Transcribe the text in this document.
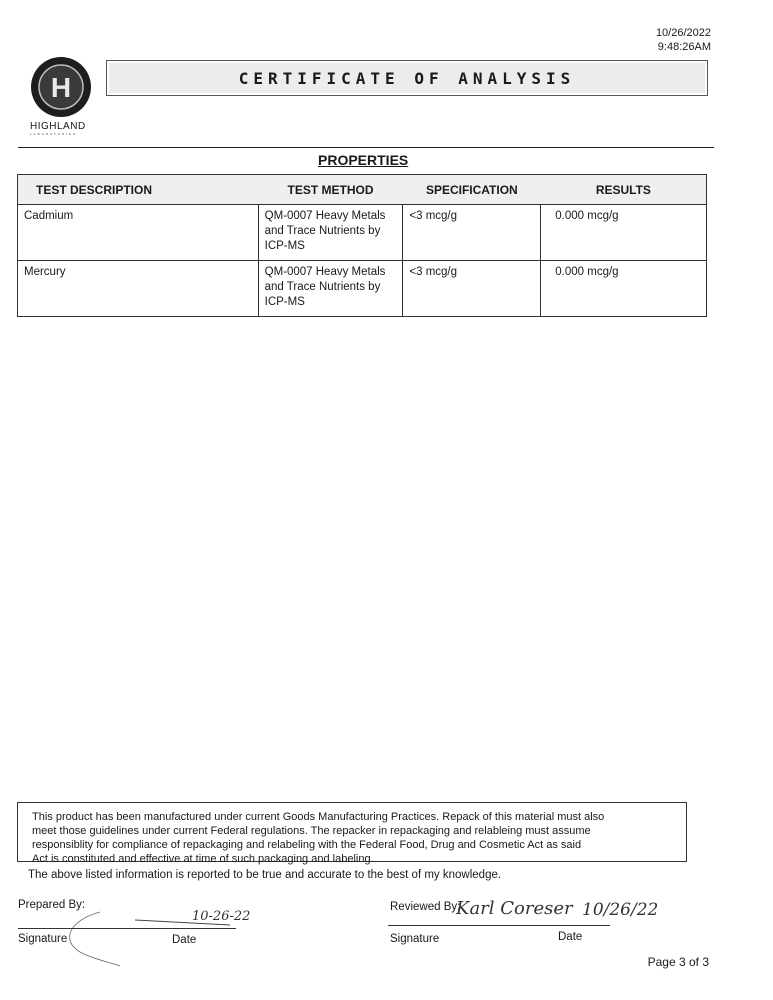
10/26/2022
9:48:26AM
H
HIGHLAND
LABORATORIES
CERTIFICATE OF ANALYSIS
PROPERTIES
TEST DESCRIPTION	TEST METHOD	SPECIFICATION	RESULTS
Cadmium	QM-0007 Heavy Metals and Trace Nutrients by ICP-MS	<3 mcg/g	0.000 mcg/g
Mercury	QM-0007 Heavy Metals and Trace Nutrients by ICP-MS	<3 mcg/g	0.000 mcg/g
This product has been manufactured under current Goods Manufacturing Practices. Repack of this material must also
meet those guidelines under current Federal regulations. The repacker in repackaging and relableing must assume
responsiblity for compliance of repackaging and relabeling with the Federal Food, Drug and Cosmetic Act as said
Act is constituted and effective at time of such packaging and labeling.
The above listed information is reported to be true and accurate to the best of my knowledge.
Prepared By:
10-26-22
Signature	Date
Reviewed By:
Karl Coreser 10/26/22
Signature	Date
Page 3 of 3
